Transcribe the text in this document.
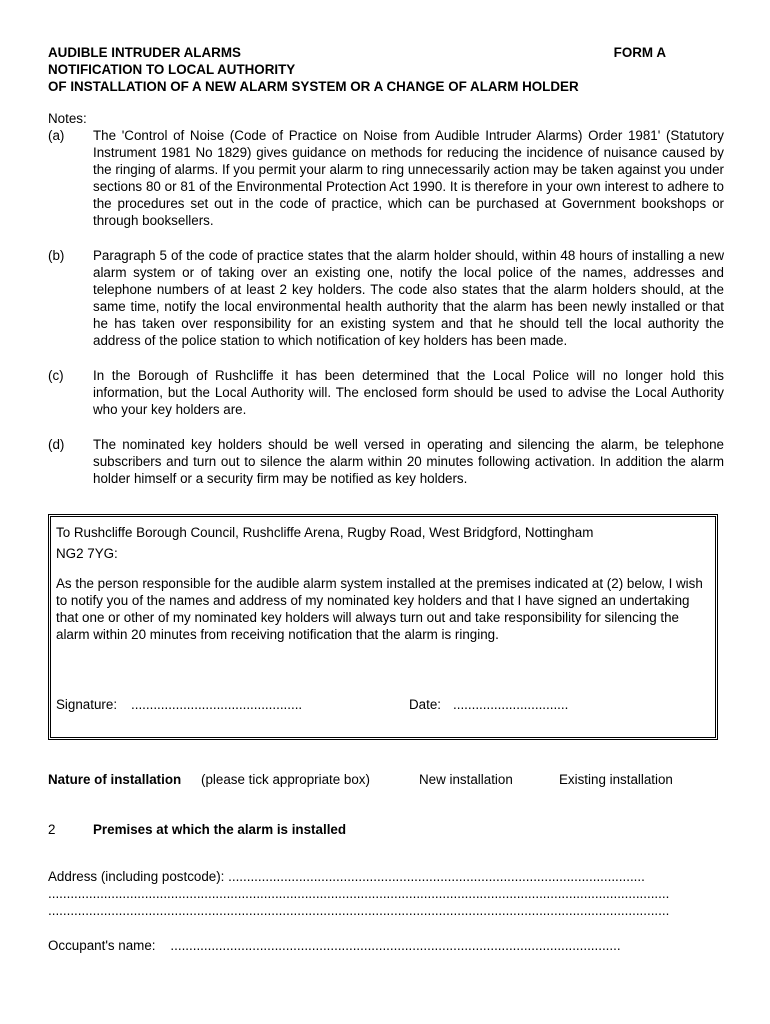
AUDIBLE INTRUDER ALARMS	FORM A
NOTIFICATION TO LOCAL AUTHORITY
OF INSTALLATION OF A NEW ALARM SYSTEM OR A CHANGE OF ALARM HOLDER
Notes:
(a)	The 'Control of Noise (Code of Practice on Noise from Audible Intruder Alarms) Order 1981' (Statutory Instrument 1981 No 1829) gives guidance on methods for reducing the incidence of nuisance caused by the ringing of alarms. If you permit your alarm to ring unnecessarily action may be taken against you under sections 80 or 81 of the Environmental Protection Act 1990. It is therefore in your own interest to adhere to the procedures set out in the code of practice, which can be purchased at Government bookshops or through booksellers.
(b)	Paragraph 5 of the code of practice states that the alarm holder should, within 48 hours of installing a new alarm system or of taking over an existing one, notify the local police of the names, addresses and telephone numbers of at least 2 key holders. The code also states that the alarm holders should, at the same time, notify the local environmental health authority that the alarm has been newly installed or that he has taken over responsibility for an existing system and that he should tell the local authority the address of the police station to which notification of key holders has been made.
(c)	In the Borough of Rushcliffe it has been determined that the Local Police will no longer hold this information, but the Local Authority will. The enclosed form should be used to advise the Local Authority who your key holders are.
(d)	The nominated key holders should be well versed in operating and silencing the alarm, be telephone subscribers and turn out to silence the alarm within 20 minutes following activation. In addition the alarm holder himself or a security firm may be notified as key holders.
To Rushcliffe Borough Council, Rushcliffe Arena, Rugby Road, West Bridgford, Nottingham
NG2 7YG:
As the person responsible for the audible alarm system installed at the premises indicated at (2) below, I wish to notify you of the names and address of my nominated key holders and that I have signed an undertaking that one or other of my nominated key holders will always turn out and take responsibility for silencing the alarm within 20 minutes from receiving notification that the alarm is ringing.
Signature: ..............................................	Date: ...............................
Nature of installation (please tick appropriate box)	New installation	Existing installation
2	Premises at which the alarm is installed
Address (including postcode): ................................................................................................................
.......................................................................................................................................................................
.......................................................................................................................................................................
Occupant's name: .........................................................................................................................
